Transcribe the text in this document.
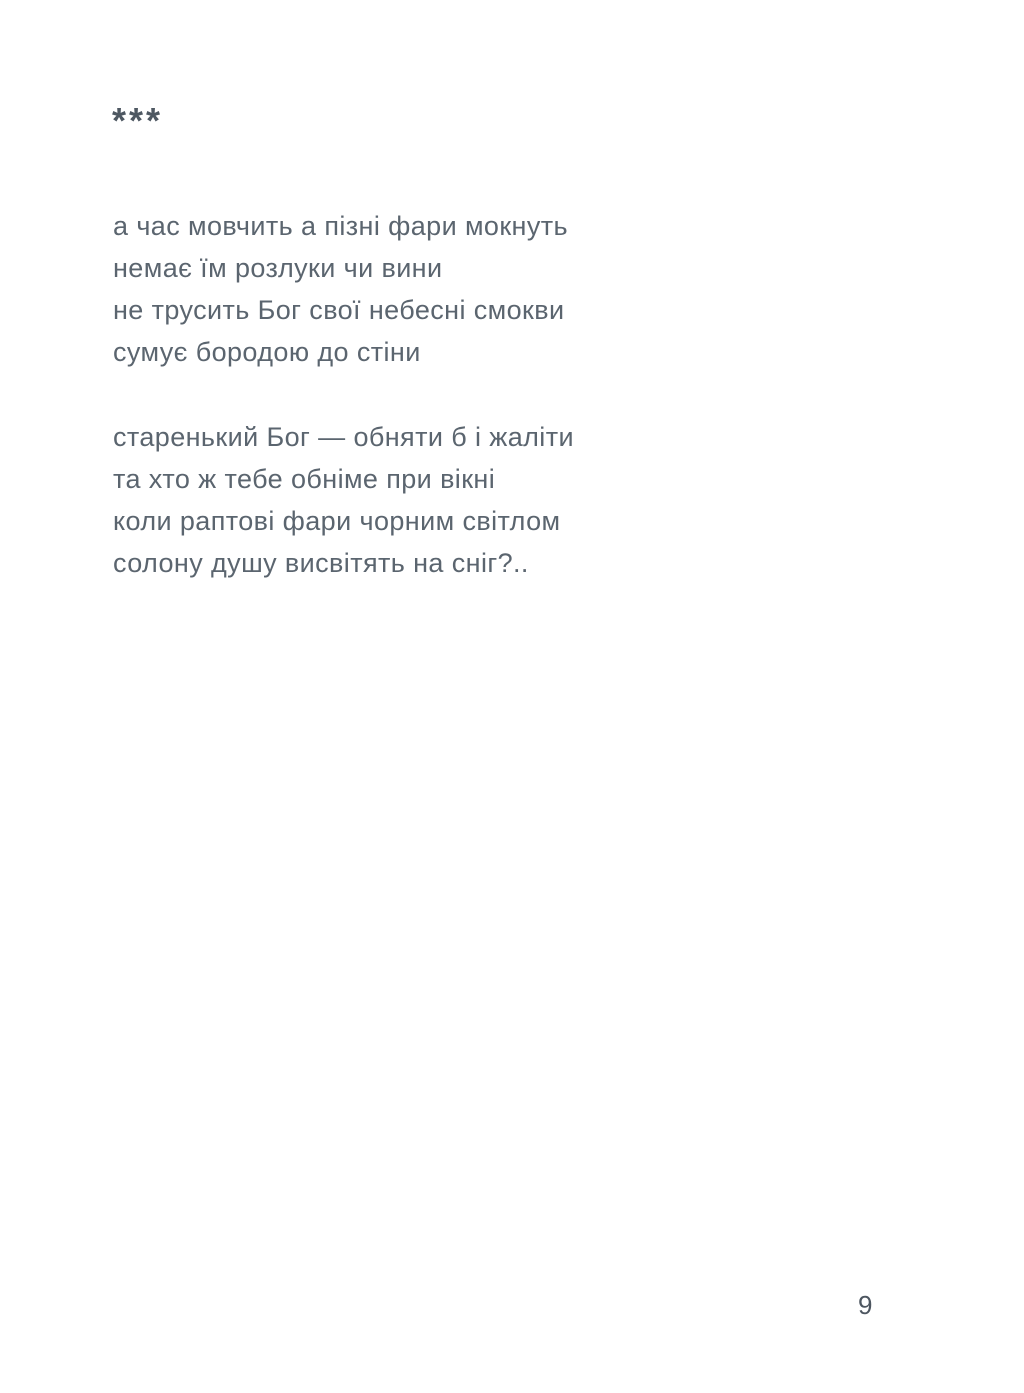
***
а час мовчить а пізні фари мокнуть
немає їм розлуки чи вини
не трусить Бог свої небесні смокви
сумує бородою до стіни
старенький Бог — обняти б і жаліти
та хто ж тебе обніме при вікні
коли раптові фари чорним світлом
солону душу висвітять на сніг?..
9
